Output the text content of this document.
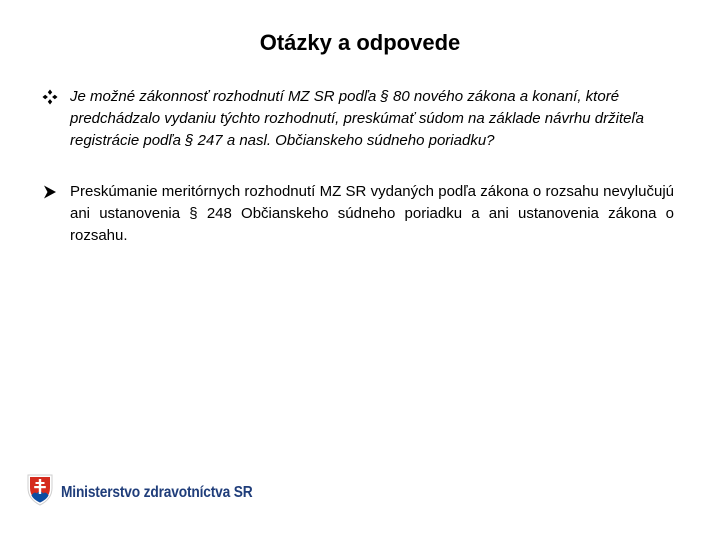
Otázky a odpovede
Je možné zákonnosť rozhodnutí MZ SR podľa § 80 nového zákona a konaní, ktoré predchádzalo vydaniu týchto rozhodnutí, preskúmať súdom na základe návrhu držiteľa registrácie podľa § 247 a nasl. Občianskeho súdneho poriadku?
Preskúmanie meritórnych rozhodnutí MZ SR vydaných podľa zákona o rozsahu nevylučujú ani ustanovenia § 248 Občianskeho súdneho poriadku a ani ustanovenia zákona o rozsahu.
Ministerstvo zdravotníctva SR
